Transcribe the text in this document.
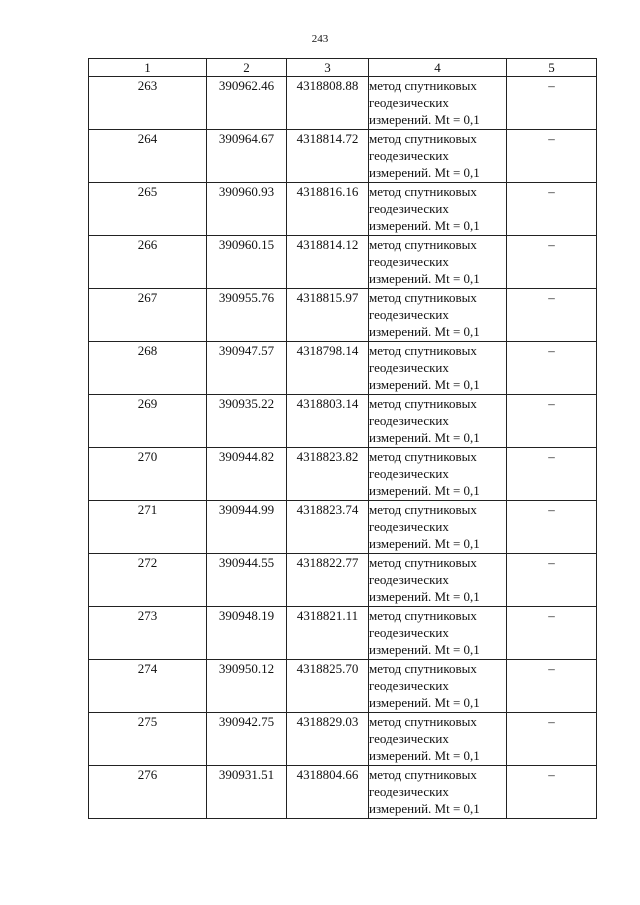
243
1	2	3	4	5
263	390962.46	4318808.88	метод спутниковых
геодезических
измерений. Mt = 0,1	–
264	390964.67	4318814.72	метод спутниковых
геодезических
измерений. Mt = 0,1	–
265	390960.93	4318816.16	метод спутниковых
геодезических
измерений. Mt = 0,1	–
266	390960.15	4318814.12	метод спутниковых
геодезических
измерений. Mt = 0,1	–
267	390955.76	4318815.97	метод спутниковых
геодезических
измерений. Mt = 0,1	–
268	390947.57	4318798.14	метод спутниковых
геодезических
измерений. Mt = 0,1	–
269	390935.22	4318803.14	метод спутниковых
геодезических
измерений. Mt = 0,1	–
270	390944.82	4318823.82	метод спутниковых
геодезических
измерений. Mt = 0,1	–
271	390944.99	4318823.74	метод спутниковых
геодезических
измерений. Mt = 0,1	–
272	390944.55	4318822.77	метод спутниковых
геодезических
измерений. Mt = 0,1	–
273	390948.19	4318821.11	метод спутниковых
геодезических
измерений. Mt = 0,1	–
274	390950.12	4318825.70	метод спутниковых
геодезических
измерений. Mt = 0,1	–
275	390942.75	4318829.03	метод спутниковых
геодезических
измерений. Mt = 0,1	–
276	390931.51	4318804.66	метод спутниковых
геодезических
измерений. Mt = 0,1	–
